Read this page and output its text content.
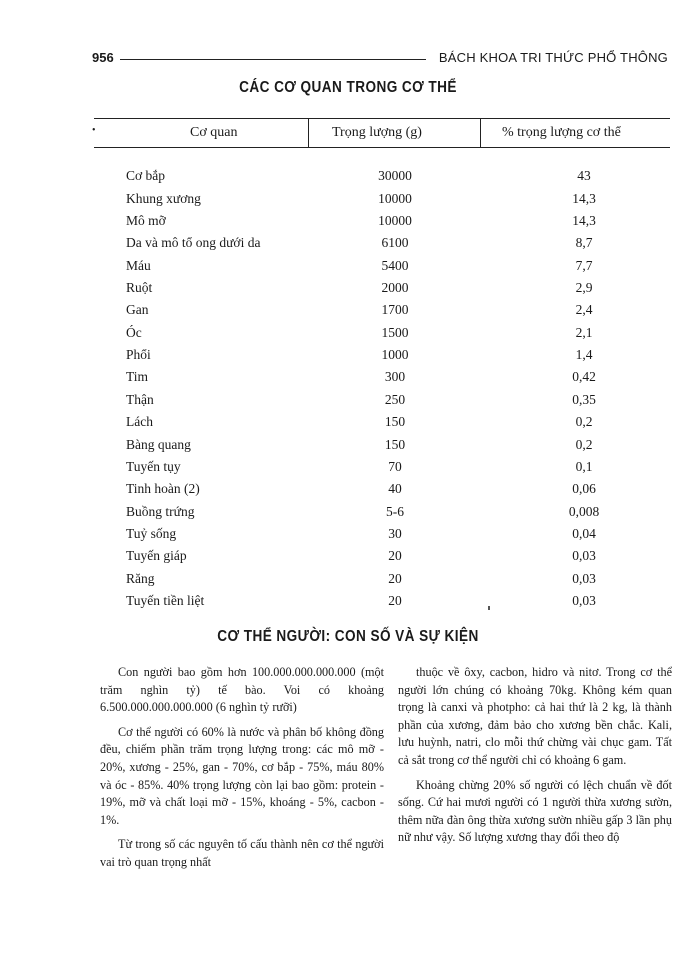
956	BÁCH KHOA TRI THỨC PHỔ THÔNG
CÁC CƠ QUAN TRONG CƠ THỂ
•	Cơ quan	Trọng lượng (g)	% trọng lượng cơ thể
Cơ bắp	30000	43
Khung xương	10000	14,3
Mô mỡ	10000	14,3
Da và mô tổ ong dưới da	6100	8,7
Máu	5400	7,7
Ruột	2000	2,9
Gan	1700	2,4
Óc	1500	2,1
Phổi	1000	1,4
Tim	300	0,42
Thận	250	0,35
Lách	150	0,2
Bàng quang	150	0,2
Tuyến tụy	70	0,1
Tinh hoàn (2)	40	0,06
Buồng trứng	5-6	0,008
Tuỷ sống	30	0,04
Tuyến giáp	20	0,03
Răng	20	0,03
Tuyến tiền liệt	20	0,03
CƠ THỂ NGƯỜI: CON SỐ VÀ SỰ KIỆN

Con người bao gồm hơn 100.000.000.000.000 (một trăm nghìn tỷ) tế bào. Voi có khoảng 6.500.000.000.000.000 (6 nghìn tỷ rưỡi)

Cơ thể người có 60% là nước và phân bố không đồng đều, chiếm phần trăm trọng lượng trong: các mô mỡ - 20%, xương - 25%, gan - 70%, cơ bắp - 75%, máu 80% và óc - 85%. 40% trọng lượng còn lại bao gồm: protein - 19%, mỡ và chất loại mỡ - 15%, khoáng - 5%, cacbon - 1%.

Từ trong số các nguyên tố cấu thành nên cơ thể người vai trò quan trọng nhất

thuộc về ôxy, cacbon, hidro và nitơ. Trong cơ thể người lớn chúng có khoảng 70kg. Không kém quan trọng là canxi và photpho: cả hai thứ là 2 kg, là thành phần của xương, đảm bảo cho xương bền chắc. Kali, lưu huỳnh, natri, clo mỗi thứ chừng vài chục gam. Tất cả sắt trong cơ thể người chỉ có khoảng 6 gam.

Khoảng chừng 20% số người có lệch chuẩn về đốt sống. Cứ hai mươi người có 1 người thừa xương sườn, thêm nữa đàn ông thừa xương sườn nhiều gấp 3 lần phụ nữ như vậy. Số lượng xương thay đổi theo độ
